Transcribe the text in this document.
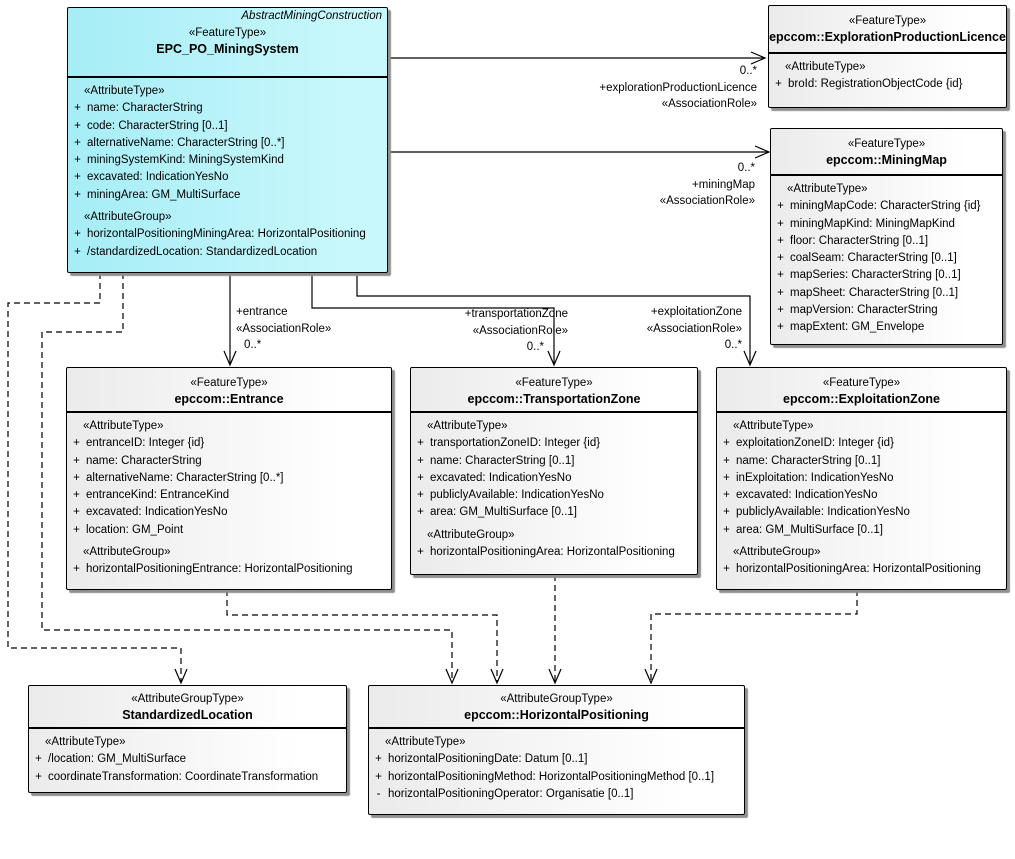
AbstractMiningConstruction
«FeatureType»
EPC_PO_MiningSystem
«AttributeType»
+ name: CharacterString
+ code: CharacterString [0..1]
+ alternativeName: CharacterString [0..*]
+ miningSystemKind: MiningSystemKind
+ excavated: IndicationYesNo
+ miningArea: GM_MultiSurface
«AttributeGroup»
+ horizontalPositioningMiningArea: HorizontalPositioning
+ /standardizedLocation: StandardizedLocation
«FeatureType»
epccom::ExplorationProductionLicence
«AttributeType»
+ broId: RegistrationObjectCode {id}
«FeatureType»
epccom::MiningMap
«AttributeType»
+ miningMapCode: CharacterString {id}
+ miningMapKind: MiningMapKind
+ floor: CharacterString [0..1]
+ coalSeam: CharacterString [0..1]
+ mapSeries: CharacterString [0..1]
+ mapSheet: CharacterString [0..1]
+ mapVersion: CharacterString
+ mapExtent: GM_Envelope
«FeatureType»
epccom::Entrance
«AttributeType»
+ entranceID: Integer {id}
+ name: CharacterString
+ alternativeName: CharacterString [0..*]
+ entranceKind: EntranceKind
+ excavated: IndicationYesNo
+ location: GM_Point
«AttributeGroup»
+ horizontalPositioningEntrance: HorizontalPositioning
«FeatureType»
epccom::TransportationZone
«AttributeType»
+ transportationZoneID: Integer {id}
+ name: CharacterString [0..1]
+ excavated: IndicationYesNo
+ publiclyAvailable: IndicationYesNo
+ area: GM_MultiSurface [0..1]
«AttributeGroup»
+ horizontalPositioningArea: HorizontalPositioning
«FeatureType»
epccom::ExploitationZone
«AttributeType»
+ exploitationZoneID: Integer {id}
+ name: CharacterString [0..1]
+ inExploitation: IndicationYesNo
+ excavated: IndicationYesNo
+ publiclyAvailable: IndicationYesNo
+ area: GM_MultiSurface [0..1]
«AttributeGroup»
+ horizontalPositioningArea: HorizontalPositioning
«AttributeGroupType»
StandardizedLocation
«AttributeType»
+ /location: GM_MultiSurface
+ coordinateTransformation: CoordinateTransformation
«AttributeGroupType»
epccom::HorizontalPositioning
«AttributeType»
+ horizontalPositioningDate: Datum [0..1]
+ horizontalPositioningMethod: HorizontalPositioningMethod [0..1]
- horizontalPositioningOperator: Organisatie [0..1]
0..*
+explorationProductionLicence
«AssociationRole»
0..*
+miningMap
«AssociationRole»
+entrance
«AssociationRole»
0..*
+transportationZone
«AssociationRole»
0..*
+exploitationZone
«AssociationRole»
0..*
